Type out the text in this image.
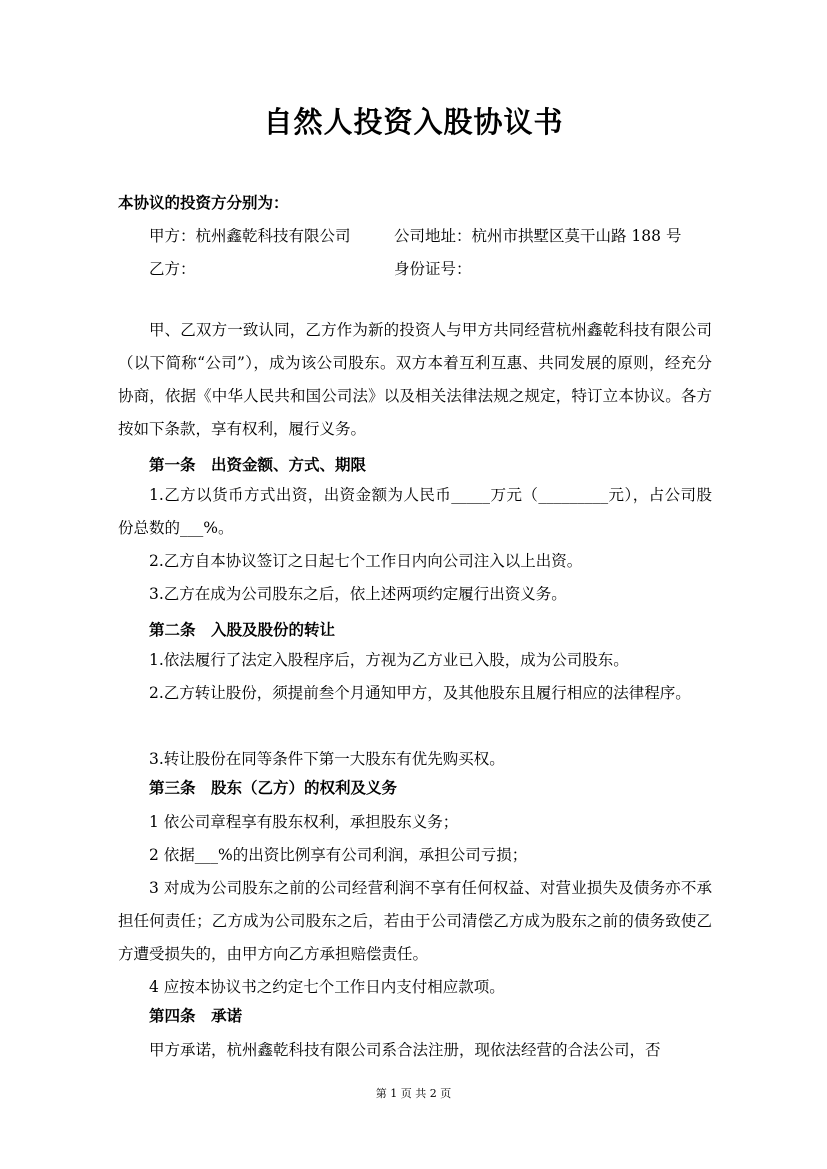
自然人投资入股协议书
本协议的投资方分别为：
甲方：杭州鑫乾科技有限公司	公司地址：杭州市拱墅区莫干山路 188 号
乙方：	身份证号：
甲、乙双方一致认同，乙方作为新的投资人与甲方共同经营杭州鑫乾科技有限公司（以下简称“公司”），成为该公司股东。双方本着互利互惠、共同发展的原则，经充分协商，依据《中华人民共和国公司法》以及相关法律法规之规定，特订立本协议。各方按如下条款，享有权利，履行义务。
第一条　出资金额、方式、期限
1.乙方以货币方式出资，出资金额为人民币_____万元（_________元），占公司股份总数的___%。
2.乙方自本协议签订之日起七个工作日内向公司注入以上出资。
3.乙方在成为公司股东之后，依上述两项约定履行出资义务。
第二条　入股及股份的转让
1.依法履行了法定入股程序后，方视为乙方业已入股，成为公司股东。
2.乙方转让股份，须提前叁个月通知甲方，及其他股东且履行相应的法律程序。
3.转让股份在同等条件下第一大股东有优先购买权。
第三条　股东（乙方）的权利及义务
1 依公司章程享有股东权利，承担股东义务；
2 依据___%的出资比例享有公司利润，承担公司亏损；
3 对成为公司股东之前的公司经营利润不享有任何权益、对营业损失及债务亦不承担任何责任；乙方成为公司股东之后，若由于公司清偿乙方成为股东之前的债务致使乙方遭受损失的，由甲方向乙方承担赔偿责任。
4 应按本协议书之约定七个工作日内支付相应款项。
第四条　承诺
甲方承诺，杭州鑫乾科技有限公司系合法注册，现依法经营的合法公司，否
第 1 页 共 2 页
